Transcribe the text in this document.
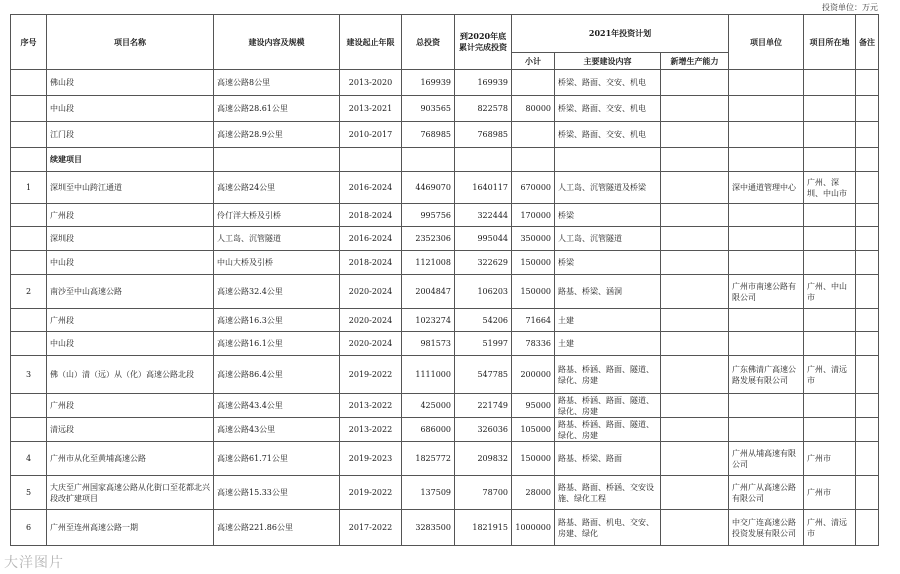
投资单位：万元
序号	项目名称	建设内容及规模	建设起止年限	总投资	到2020年底累计完成投资	2021年投资计划			项目单位	项目所在地	备注
						小计	主要建设内容	新增生产能力			

	佛山段	高速公路8公里	2013-2020	169939	169939		桥梁、路面、交安、机电				

	中山段	高速公路28.61公里	2013-2021	903565	822578	80000	桥梁、路面、交安、机电				

	江门段	高速公路28.9公里	2010-2017	768985	768985		桥梁、路面、交安、机电				

	续建项目										

1	深圳至中山跨江通道	高速公路24公里	2016-2024	4469070	1640117	670000	人工岛、沉管隧道及桥梁		深中通道管理中心	广州、深圳、中山市	

	广州段	伶仃洋大桥及引桥	2018-2024	995756	322444	170000	桥梁				

	深圳段	人工岛、沉管隧道	2016-2024	2352306	995044	350000	人工岛、沉管隧道				

	中山段	中山大桥及引桥	2018-2024	1121008	322629	150000	桥梁				

2	南沙至中山高速公路	高速公路32.4公里	2020-2024	2004847	106203	150000	路基、桥梁、涵洞		广州市南速公路有限公司	广州、中山市	

	广州段	高速公路16.3公里	2020-2024	1023274	54206	71664	土建				

	中山段	高速公路16.1公里	2020-2024	981573	51997	78336	土建				

3	佛（山）清（远）从（化）高速公路北段	高速公路86.4公里	2019-2022	1111000	547785	200000	路基、桥涵、路面、隧道、绿化、房建		广东佛清广高速公路发展有限公司	广州、清远市	

	广州段	高速公路43.4公里	2013-2022	425000	221749	95000	路基、桥涵、路面、隧道、绿化、房建				

	清远段	高速公路43公里	2013-2022	686000	326036	105000	路基、桥涵、路面、隧道、绿化、房建				

4	广州市从化至黄埔高速公路	高速公路61.71公里	2019-2023	1825772	209832	150000	路基、桥梁、路面		广州从埔高速有限公司	广州市	

5	大庆至广州国家高速公路从化街口至花都北兴段改扩建项目	高速公路15.33公里	2019-2022	137509	78700	28000	路基、路面、桥涵、交安设施、绿化工程		广州广从高速公路有限公司	广州市	

6	广州至连州高速公路一期	高速公路221.86公里	2017-2022	3283500	1821915	1000000	路基、路面、机电、交安、房建、绿化		中交广连高速公路投资发展有限公司	广州、清远市	

大洋图片
